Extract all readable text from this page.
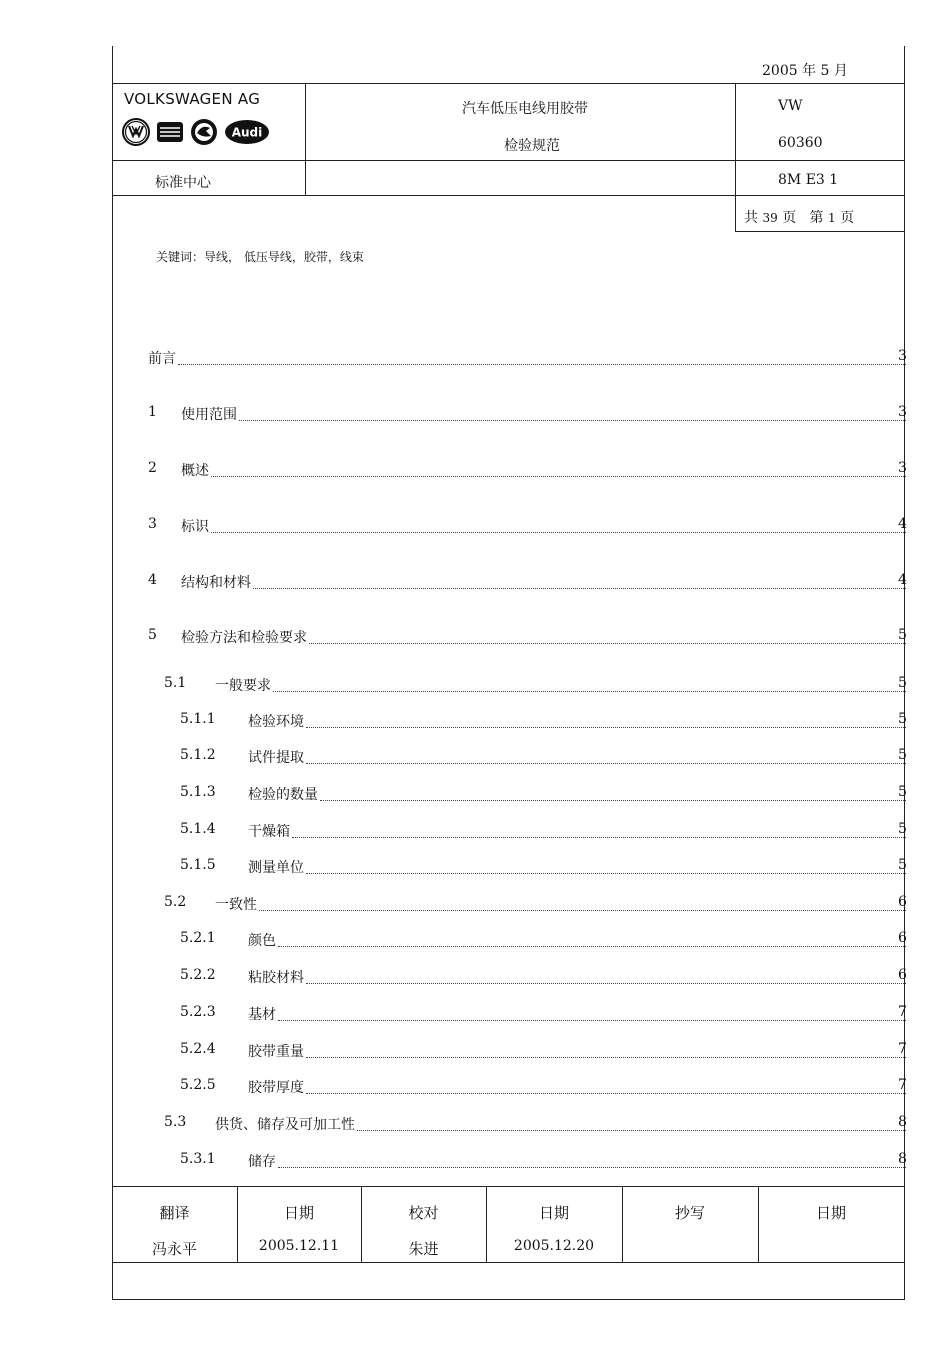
2005 年 5 月
VOLKSWAGEN AG
Audi
汽车低压电线用胶带
检验规范
VW
60360
标准中心	8M E3 1
共 39 页 第 1 页
关键词：导线， 低压导线，胶带，线束
前言	3
1 使用范围	3
2 概述	3
3 标识	4
4 结构和材料	4
5 检验方法和检验要求	5
5.1 一般要求	5
5.1.1 检验环境	5
5.1.2 试件提取	5
5.1.3 检验的数量	5
5.1.4 干燥箱	5
5.1.5 测量单位	5
5.2 一致性	6
5.2.1 颜色	6
5.2.2 粘胶材料	6
5.2.3 基材	7
5.2.4 胶带重量	7
5.2.5 胶带厚度	7
5.3 供货、储存及可加工性	8
5.3.1 储存	8
翻译	日期	校对	日期	抄写	日期
冯永平	2005.12.11	朱进	2005.12.20
